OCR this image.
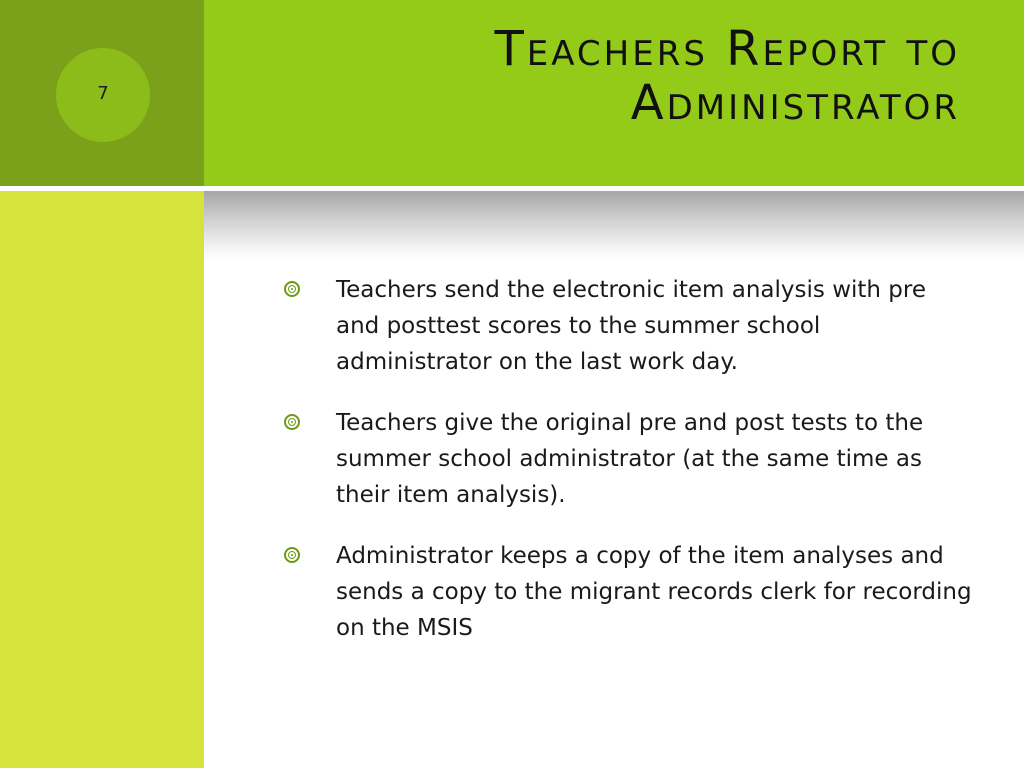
7
Teachers Report to Administrator
Teachers send the electronic item analysis with pre and posttest scores to the summer school administrator on the last work day.
Teachers give the original pre and post tests to the summer school administrator (at the same time as their item analysis).
Administrator keeps a copy of the item analyses and sends a copy to the migrant records clerk for recording on the MSIS
